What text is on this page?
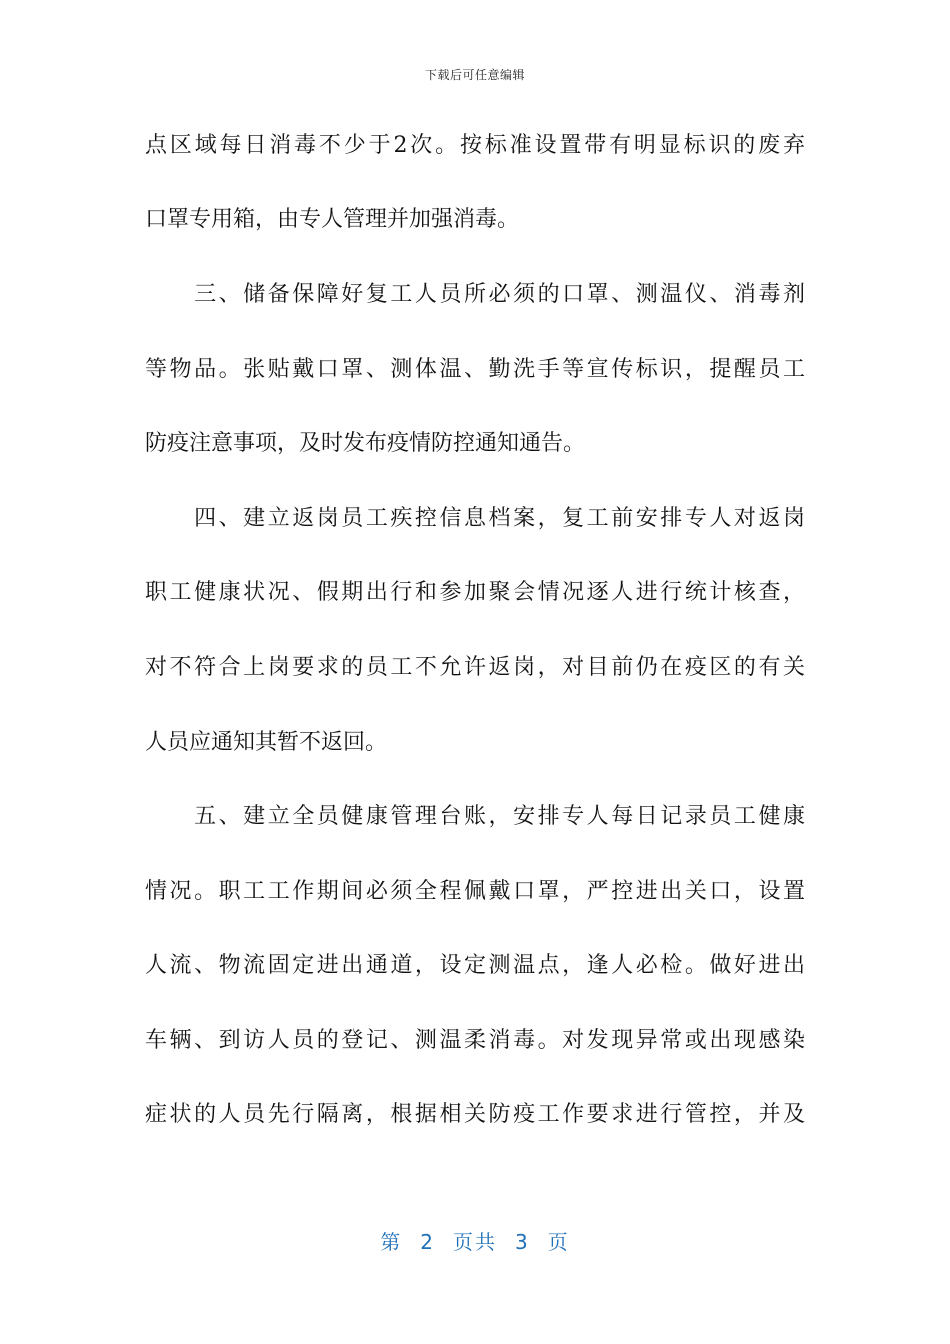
下载后可任意编辑
点区域每日消毒不少于2次。按标准设置带有明显标识的废弃
口罩专用箱，由专人管理并加强消毒。
　　三、储备保障好复工人员所必须的口罩、测温仪、消毒剂
等物品。张贴戴口罩、测体温、勤洗手等宣传标识，提醒员工
防疫注意事项，及时发布疫情防控通知通告。
　　四、建立返岗员工疾控信息档案，复工前安排专人对返岗
职工健康状况、假期出行和参加聚会情况逐人进行统计核查，
对不符合上岗要求的员工不允许返岗，对目前仍在疫区的有关
人员应通知其暂不返回。
　　五、建立全员健康管理台账，安排专人每日记录员工健康
情况。职工工作期间必须全程佩戴口罩，严控进出关口，设置
人流、物流固定进出通道，设定测温点，逢人必检。做好进出
车辆、到访人员的登记、测温柔消毒。对发现异常或出现感染
症状的人员先行隔离，根据相关防疫工作要求进行管控，并及
第 2 页共 3 页
